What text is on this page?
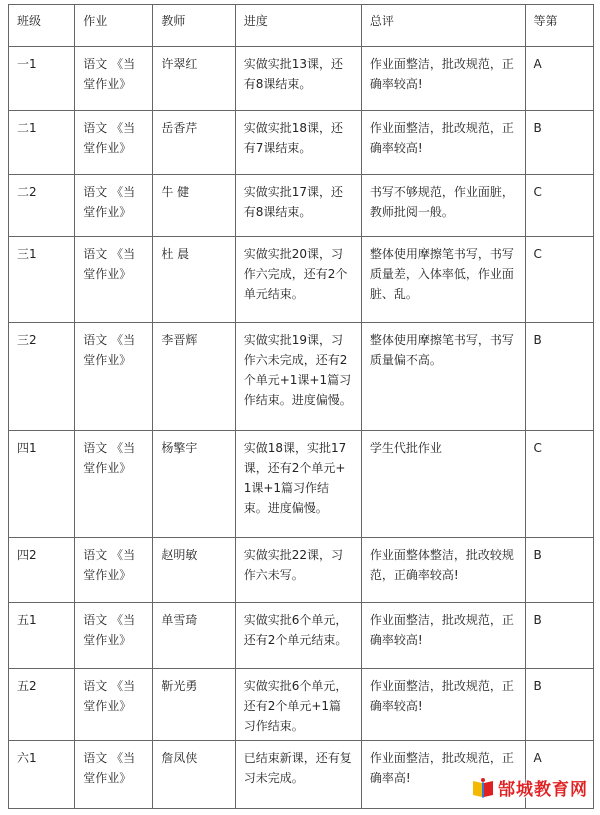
班级	作业	教师	进度	总评	等第
一1	语文 《当堂作业》	许翠红	实做实批13课，还有8课结束。	作业面整洁，批改规范，正确率较高!	A
二1	语文 《当堂作业》	岳香芹	实做实批18课，还有7课结束。	作业面整洁，批改规范，正确率较高!	B
二2	语文 《当堂作业》	牛 健	实做实批17课，还有8课结束。	书写不够规范，作业面脏，教师批阅一般。	C
三1	语文 《当堂作业》	杜 晨	实做实批20课，习作六完成，还有2个单元结束。	整体使用摩擦笔书写，书写质量差，入体率低，作业面脏、乱。	C
三2	语文 《当堂作业》	李晋辉	实做实批19课，习作六未完成，还有2个单元+1课+1篇习作结束。进度偏慢。	整体使用摩擦笔书写，书写质量偏不高。	B
四1	语文 《当堂作业》	杨擎宇	实做18课，实批17课，还有2个单元+1课+1篇习作结束。进度偏慢。	学生代批作业	C
四2	语文 《当堂作业》	赵明敏	实做实批22课，习作六未写。	作业面整体整洁，批改较规范，正确率较高!	B
五1	语文 《当堂作业》	单雪琦	实做实批6个单元，还有2个单元结束。	作业面整洁，批改规范，正确率较高!	B
五2	语文 《当堂作业》	靳光勇	实做实批6个单元，还有2个单元+1篇习作结束。	作业面整洁，批改规范，正确率较高!	B
六1	语文 《当堂作业》	詹凤侠	已结束新课，还有复习未完成。	作业面整洁，批改规范，正确率高!	A
郜城教育网
